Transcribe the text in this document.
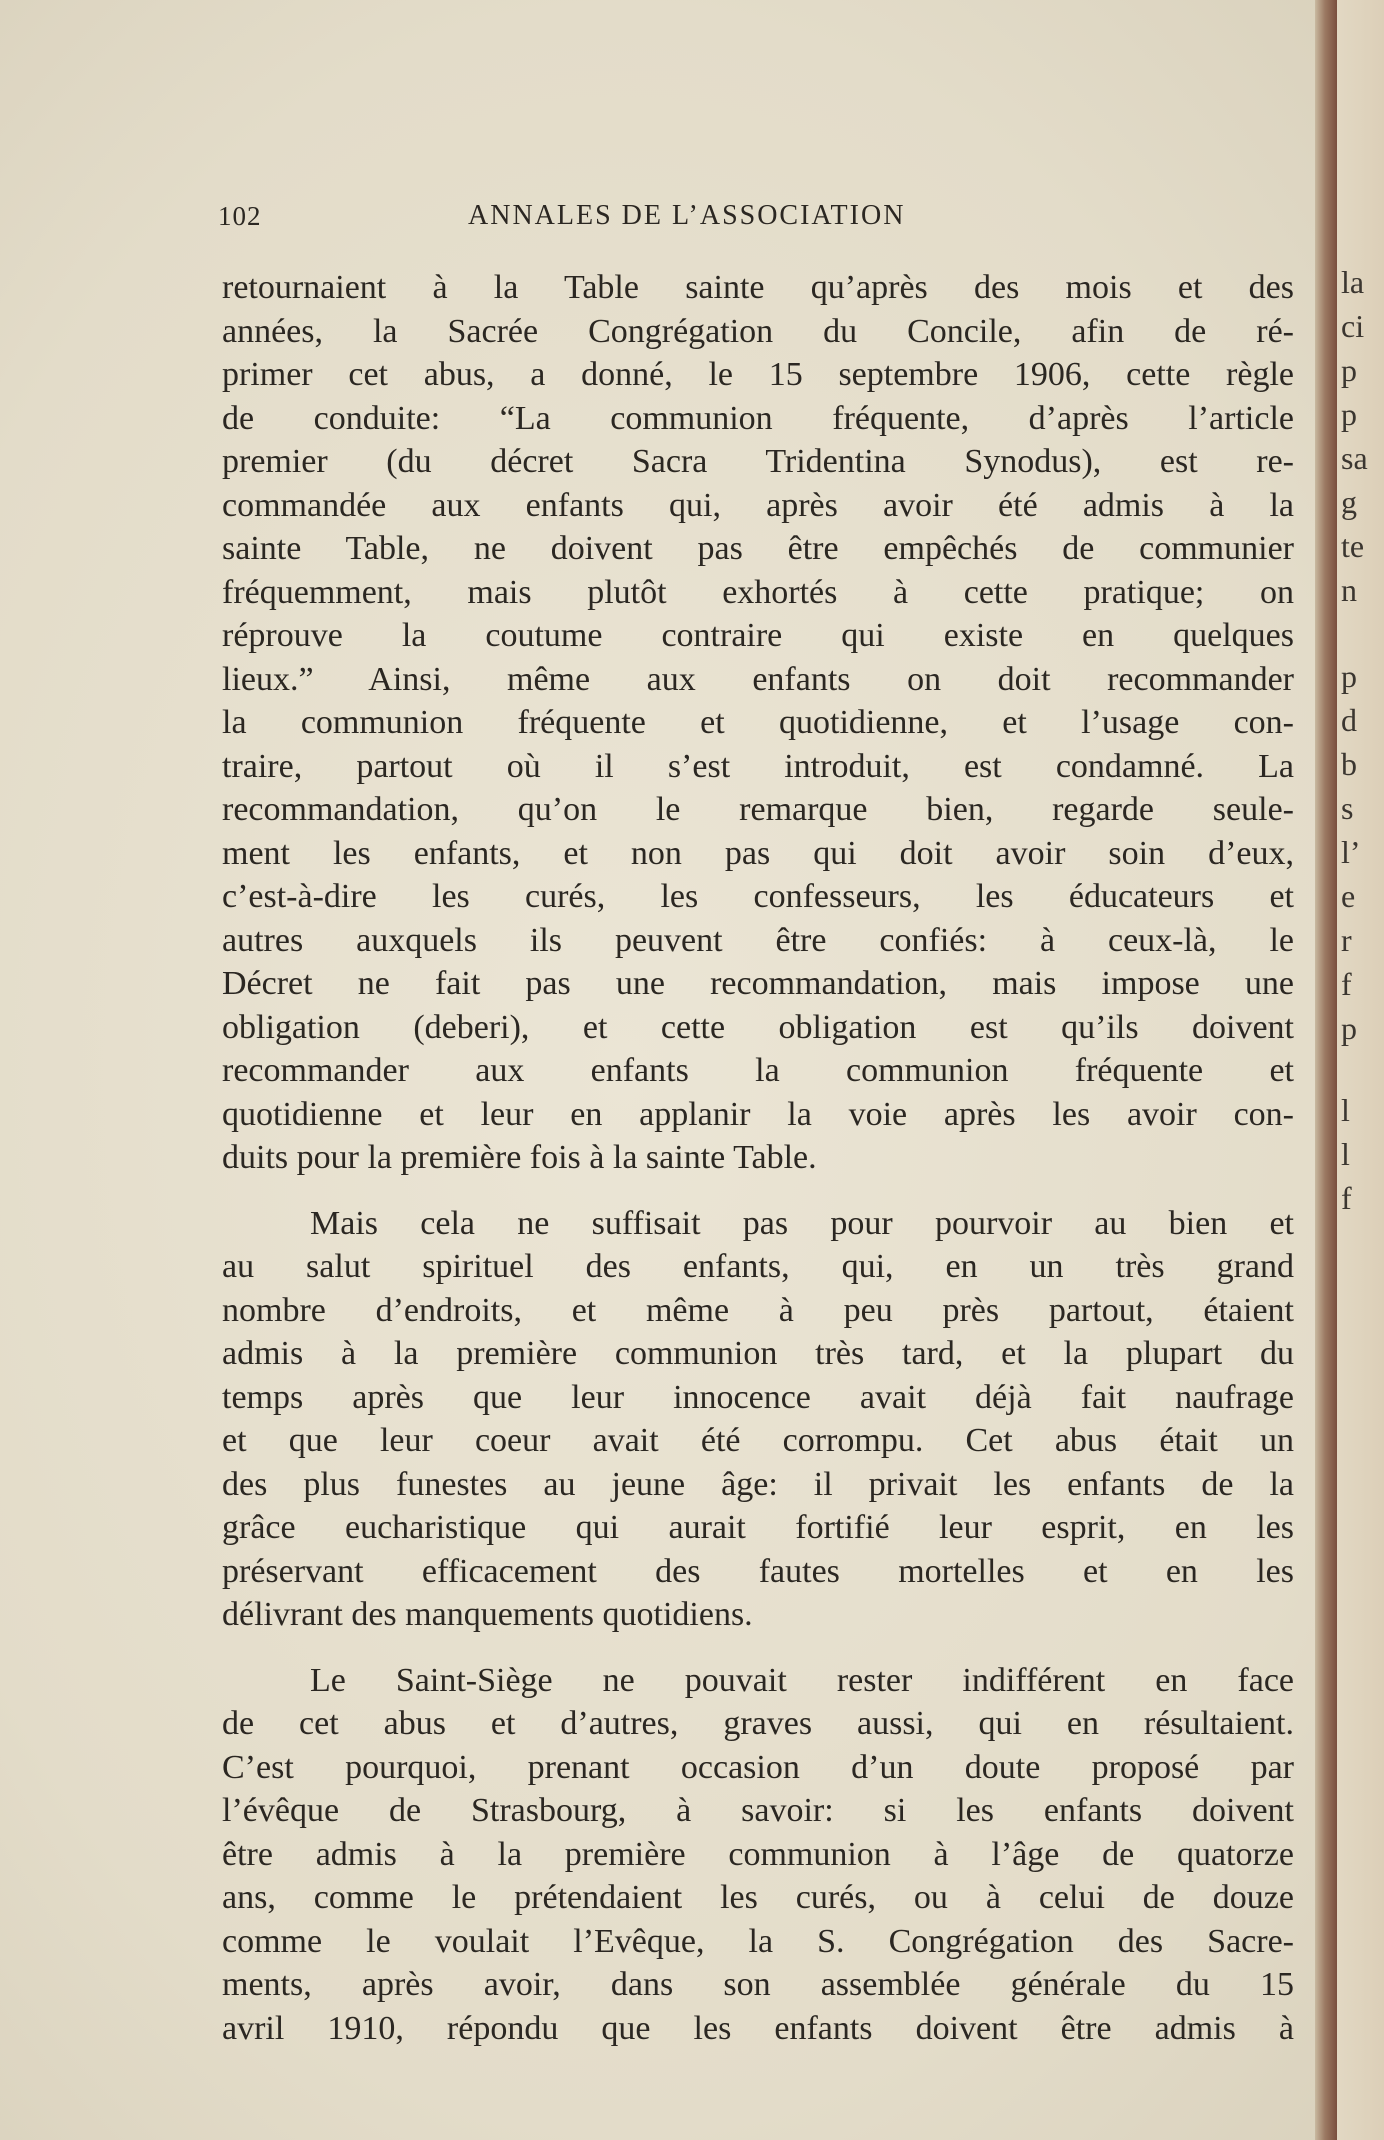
102	ANNALES DE L’ASSOCIATION

retournaient à la Table sainte qu’après des mois et des
années, la Sacrée Congrégation du Concile, afin de ré-
primer cet abus, a donné, le 15 septembre 1906, cette règle
de conduite: “La communion fréquente, d’après l’article
premier (du décret Sacra Tridentina Synodus), est re-
commandée aux enfants qui, après avoir été admis à la
sainte Table, ne doivent pas être empêchés de communier
fréquemment, mais plutôt exhortés à cette pratique; on
réprouve la coutume contraire qui existe en quelques
lieux.” Ainsi, même aux enfants on doit recommander
la communion fréquente et quotidienne, et l’usage con-
traire, partout où il s’est introduit, est condamné. La
recommandation, qu’on le remarque bien, regarde seule-
ment les enfants, et non pas qui doit avoir soin d’eux,
c’est-à-dire les curés, les confesseurs, les éducateurs et
autres auxquels ils peuvent être confiés: à ceux-là, le
Décret ne fait pas une recommandation, mais impose une
obligation (deberi), et cette obligation est qu’ils doivent
recommander aux enfants la communion fréquente et
quotidienne et leur en applanir la voie après les avoir con-
duits pour la première fois à la sainte Table.

Mais cela ne suffisait pas pour pourvoir au bien et
au salut spirituel des enfants, qui, en un très grand
nombre d’endroits, et même à peu près partout, étaient
admis à la première communion très tard, et la plupart du
temps après que leur innocence avait déjà fait naufrage
et que leur coeur avait été corrompu. Cet abus était un
des plus funestes au jeune âge: il privait les enfants de la
grâce eucharistique qui aurait fortifié leur esprit, en les
préservant efficacement des fautes mortelles et en les
délivrant des manquements quotidiens.

Le Saint-Siège ne pouvait rester indifférent en face
de cet abus et d’autres, graves aussi, qui en résultaient.
C’est pourquoi, prenant occasion d’un doute proposé par
l’évêque de Strasbourg, à savoir: si les enfants doivent
être admis à la première communion à l’âge de quatorze
ans, comme le prétendaient les curés, ou à celui de douze
comme le voulait l’Evêque, la S. Congrégation des Sacre-
ments, après avoir, dans son assemblée générale du 15
avril 1910, répondu que les enfants doivent être admis à

la
ci
p
p
sa
g
te
n
p
d
b
s
l’
e
r
f
p
l
l
f
